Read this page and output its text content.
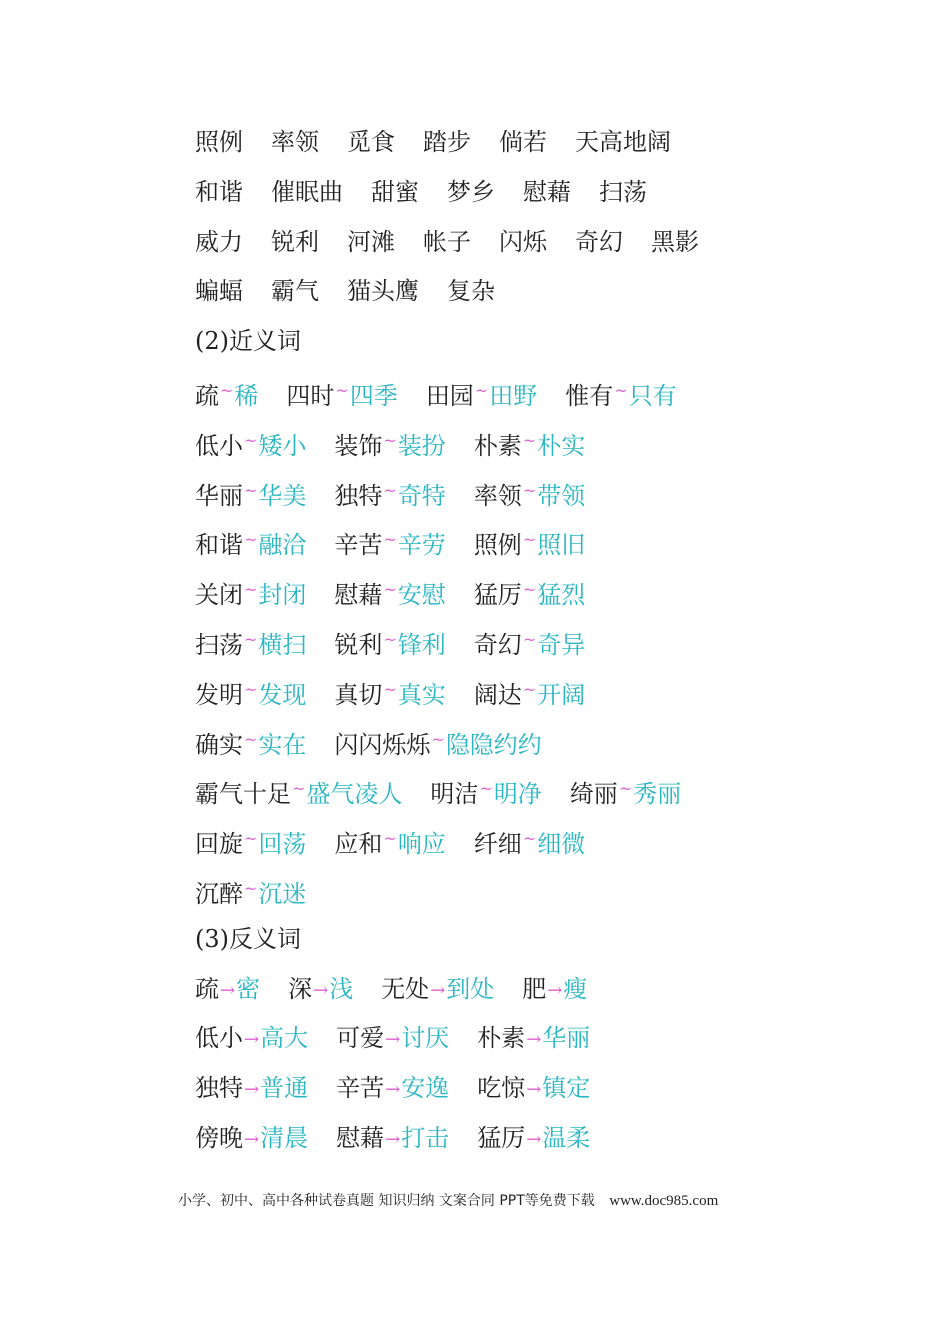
照例 率领 觅食 踏步 倘若 天高地阔
和谐 催眠曲 甜蜜 梦乡 慰藉 扫荡
威力 锐利 河滩 帐子 闪烁 奇幻 黑影
蝙蝠 霸气 猫头鹰 复杂
(2)近义词
疏~稀 四时~四季 田园~田野 惟有~只有
低小~矮小 装饰~装扮 朴素~朴实
华丽~华美 独特~奇特 率领~带领
和谐~融洽 辛苦~辛劳 照例~照旧
关闭~封闭 慰藉~安慰 猛厉~猛烈
扫荡~横扫 锐利~锋利 奇幻~奇异
发明~发现 真切~真实 阔达~开阔
确实~实在 闪闪烁烁~隐隐约约
霸气十足~盛气凌人 明洁~明净 绮丽~秀丽
回旋~回荡 应和~响应 纤细~细微
沉醉~沉迷
(3)反义词
疏→密 深→浅 无处→到处 肥→瘦
低小→高大 可爱→讨厌 朴素→华丽
独特→普通 辛苦→安逸 吃惊→镇定
傍晚→清晨 慰藉→打击 猛厉→温柔
小学、初中、高中各种试卷真题 知识归纳 文案合同 PPT等免费下载 www.doc985.com
